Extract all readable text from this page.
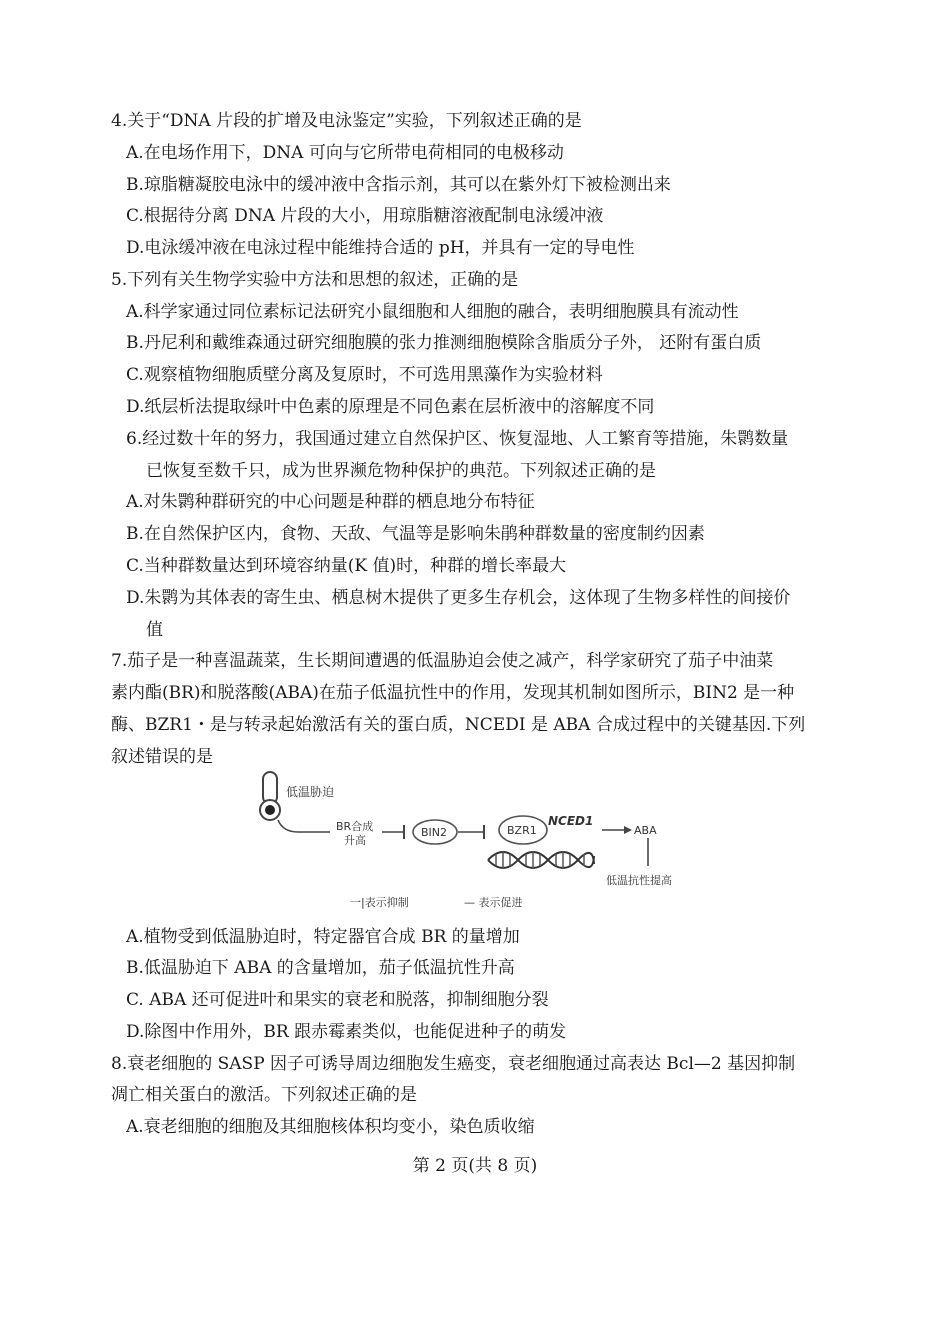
4.关于“DNA 片段的扩增及电泳鉴定”实验，下列叙述正确的是
A.在电场作用下，DNA 可向与它所带电荷相同的电极移动
B.琼脂糖凝胶电泳中的缓冲液中含指示剂，其可以在紫外灯下被检测出来
C.根据待分离 DNA 片段的大小，用琼脂糖溶液配制电泳缓冲液
D.电泳缓冲液在电泳过程中能维持合适的 pH，并具有一定的导电性
5.下列有关生物学实验中方法和思想的叙述，正确的是
A.科学家通过同位素标记法研究小鼠细胞和人细胞的融合，表明细胞膜具有流动性
B.丹尼利和戴维森通过研究细胞膜的张力推测细胞模除含脂质分子外， 还附有蛋白质
C.观察植物细胞质壁分离及复原时，不可选用黑藻作为实验材料
D.纸层析法提取绿叶中色素的原理是不同色素在层析液中的溶解度不同
6.经过数十年的努力，我国通过建立自然保护区、恢复湿地、人工繁育等措施，朱鹮数量
已恢复至数千只，成为世界濒危物种保护的典范。下列叙述正确的是
A.对朱鹮种群研究的中心问题是种群的栖息地分布特征
B.在自然保护区内，食物、天敌、气温等是影响朱鹃种群数量的密度制约因素
C.当种群数量达到环境容纳量(K 值)时，种群的增长率最大
D.朱鹮为其体表的寄生虫、栖息树木提供了更多生存机会，这体现了生物多样性的间接价
值
7.茄子是一种喜温蔬菜，生长期间遭遇的低温胁迫会使之减产，科学家研究了茄子中油菜
素内酯(BR)和脱落酸(ABA)在茄子低温抗性中的作用，发现其机制如图所示，BIN2 是一种
酶、BZR1・是与转录起始激活有关的蛋白质，NCEDI 是 ABA 合成过程中的关键基因.下列
叙述错误的是
低温胁迫
BR合成
升高
BIN2	BZR1
NCED1
ABA
低温抗性提高
一|表示抑制	— 表示促进
A.植物受到低温胁迫时，特定器官合成 BR 的量增加
B.低温胁迫下 ABA 的含量增加，茄子低温抗性升高
C. ABA 还可促进叶和果实的衰老和脱落，抑制细胞分裂
D.除图中作用外，BR 跟赤霉素类似，也能促进种子的萌发
8.衰老细胞的 SASP 因子可诱导周边细胞发生癌变，衰老细胞通过高表达 Bcl—2 基因抑制
凋亡相关蛋白的激活。下列叙述正确的是
A.衰老细胞的细胞及其细胞核体积均变小，染色质收缩
第 2 页(共 8 页)
